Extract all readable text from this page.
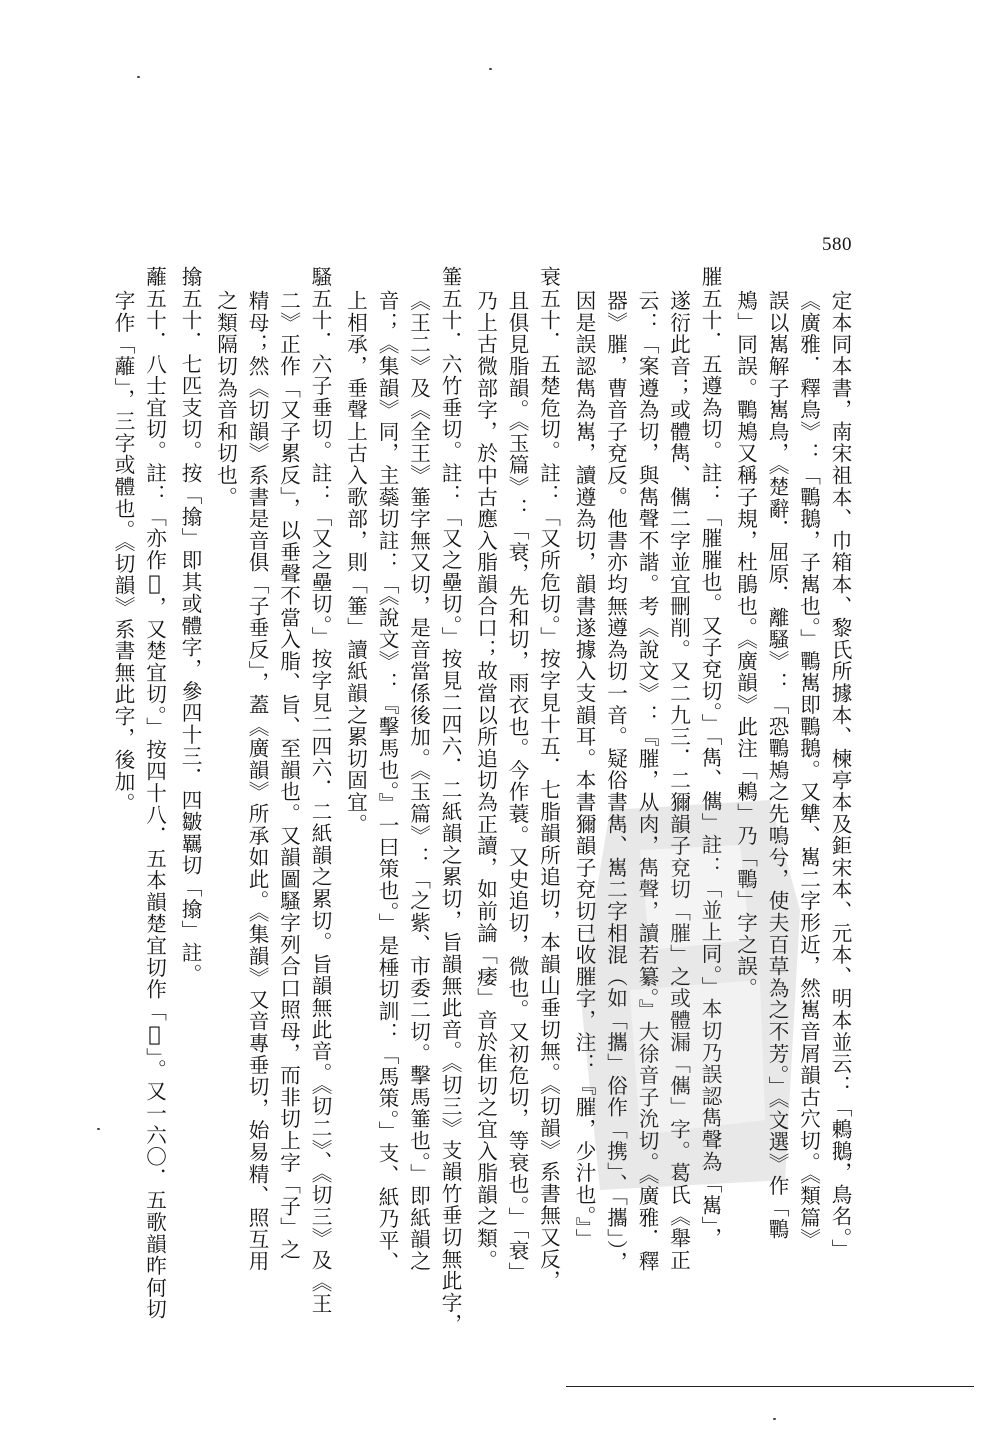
580
定本同本書，南宋祖本、巾箱本、黎氏所據本、楝亭本及鉅宋本、元本、明本並云：「鶇鵝，鳥名。」
《廣雅．釋鳥》：「鷤鵝，子嶲也。」鷤嶲即鷤鵝。又犨、嶲二字形近，然嶲音屑韻古穴切。《類篇》
誤以嶲解子嶲鳥，《楚辭．屈原．離騷》：「恐鷤鴂之先鳴兮，使夫百草為之不芳。」《文選》作「鷤
鴂」同誤。鷤鴂又稱子規，杜鵑也。《廣韻》此注「鶇」乃「鷤」字之誤。
膗五十．五遵為切。註：「膗膗也。又子兗切。」「雋、㒞」註：「並上同。」本切乃誤認雋聲為「嶲」，
遂衍此音；或體雋、㒞二字並宜刪削。又二九三．二獮韻子兗切「膗」之或體漏「㒞」字。葛氏《舉正
云：「案遵為切，與雋聲不諧。考《說文》：『膗，从肉，雋聲，讀若纂。』大徐音子沇切。《廣雅．釋
器》膗，曹音子兗反。他書亦均無遵為切一音。疑俗書雋、嶲二字相混（如「攜」俗作「携」、「攜」），
因是誤認雋為嶲，讀遵為切，韻書遂據入支韻耳。本書獮韻子兗切已收膗字，注：『膗，少汁也。』」
衰五十．五楚危切。註：「又所危切。」按字見十五．七脂韻所追切，本韻山垂切無。《切韻》系書無又反，
且俱見脂韻。《玉篇》：「衰，先和切，雨衣也。今作蓑。又史追切，微也。又初危切，等衰也。」「衰」
乃上古微部字，於中古應入脂韻合口；故當以所追切為正讀，如前論「痿」音於隹切之宜入脂韻之類。
箠五十．六竹垂切。註：「又之壘切。」按見二四六．二紙韻之累切，旨韻無此音。《切三》支韻竹垂切無此字，
《王二》及《全王》箠字無又切，是音當係後加。《玉篇》：「之紫、市委二切。擊馬箠也。」即紙韻之
音；《集韻》同，主蘂切註：「《說文》：『擊馬也。』一曰策也。」是棰切訓：「馬策。」支、紙乃平、
上相承，垂聲上古入歌部，則「箠」讀紙韻之累切固宜。
騷五十．六子垂切。註：「又之壘切。」按字見二四六．二紙韻之累切。旨韻無此音。《切二》、《切三》及《王
二》正作「又子累反」，以垂聲不當入脂、旨、至韻也。又韻圖騷字列合口照母，而非切上字「子」之
精母；然《切韻》系書是音俱「子垂反」，蓋《廣韻》所承如此。《集韻》又音專垂切，始易精、照互用
之類隔切為音和切也。
㩉五十．七匹支切。按「㩉」即其或體字，參四十三．四皺羈切「㩉」註。
蘺五十．八士宜切。註：「亦作𩬆，又楚宜切。」按四十八．五本韻楚宜切作「𩬆」。又一六〇．五歌韻昨何切
字作「蘺」，三字或體也。《切韻》系書無此字，後加。
